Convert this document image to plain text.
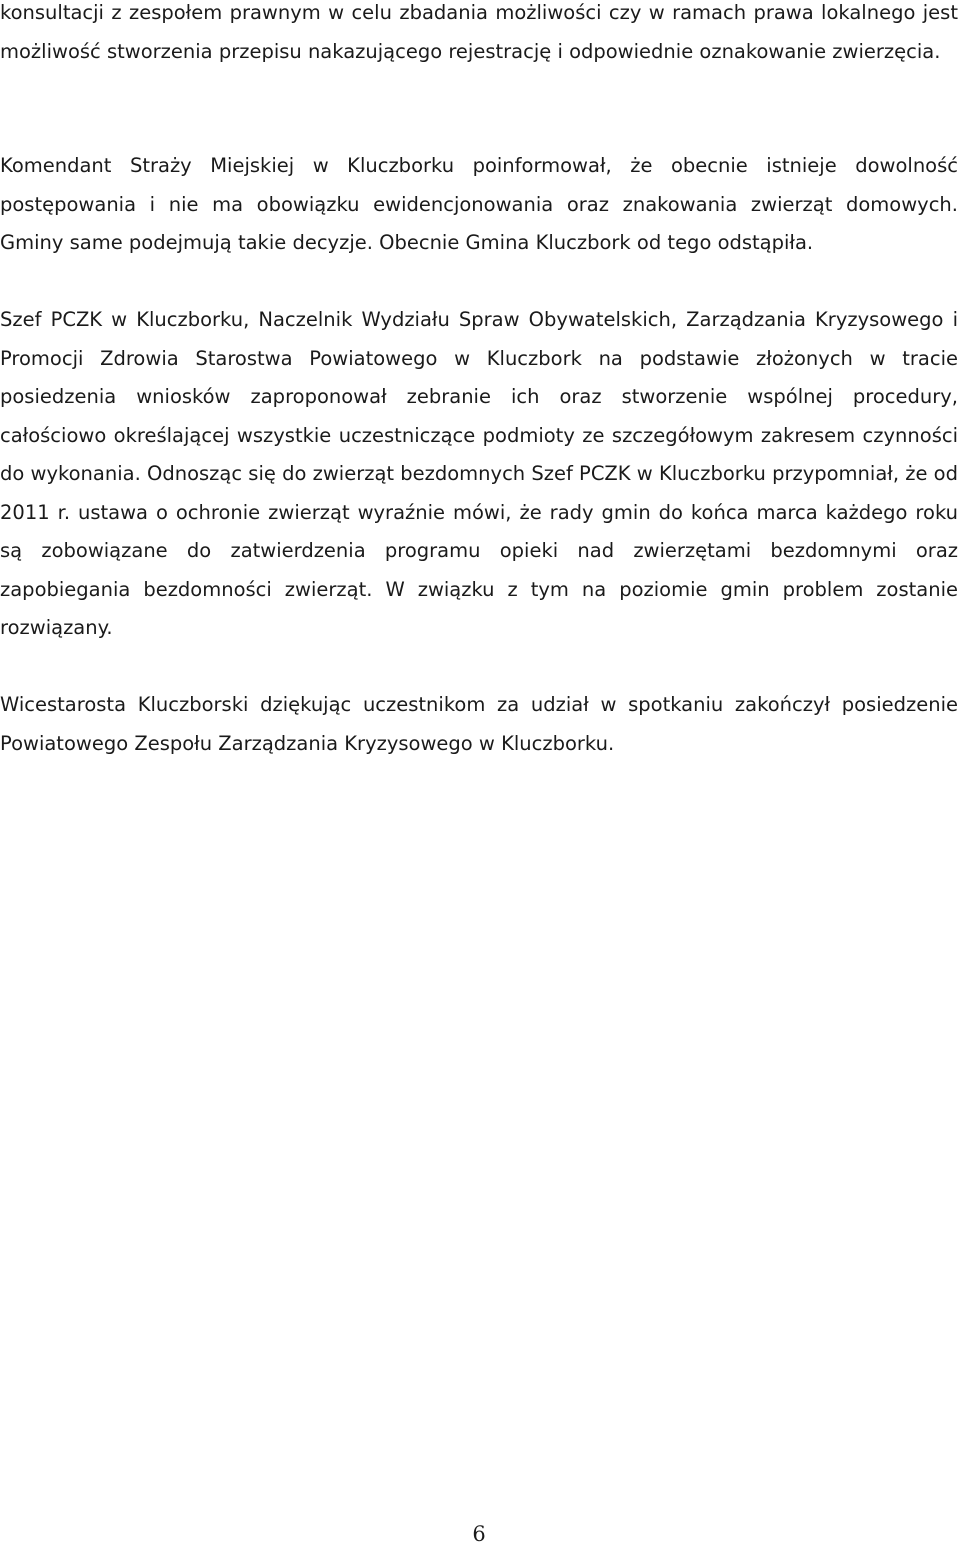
konsultacji z zespołem prawnym w celu zbadania możliwości czy w ramach prawa lokalnego jest możliwość stworzenia przepisu nakazującego rejestrację i odpowiednie oznakowanie zwierzęcia.

Komendant Straży Miejskiej w Kluczborku poinformował, że obecnie istnieje dowolność postępowania i nie ma obowiązku ewidencjonowania oraz znakowania zwierząt domowych. Gminy same podejmują takie decyzje. Obecnie Gmina Kluczbork od tego odstąpiła.

Szef PCZK w Kluczborku, Naczelnik Wydziału Spraw Obywatelskich, Zarządzania Kryzysowego i Promocji Zdrowia Starostwa Powiatowego w Kluczbork na podstawie złożonych w tracie posiedzenia wniosków zaproponował zebranie ich oraz stworzenie wspólnej procedury, całościowo określającej wszystkie uczestniczące podmioty ze szczegółowym zakresem czynności do wykonania. Odnosząc się do zwierząt bezdomnych Szef PCZK w Kluczborku przypomniał, że od 2011 r. ustawa o ochronie zwierząt wyraźnie mówi, że rady gmin do końca marca każdego roku są zobowiązane do zatwierdzenia programu opieki nad zwierzętami bezdomnymi oraz zapobiegania bezdomności zwierząt. W związku z tym na poziomie gmin problem zostanie rozwiązany.

Wicestarosta Kluczborski dziękując uczestnikom za udział w spotkaniu zakończył posiedzenie Powiatowego Zespołu Zarządzania Kryzysowego w Kluczborku.

6
